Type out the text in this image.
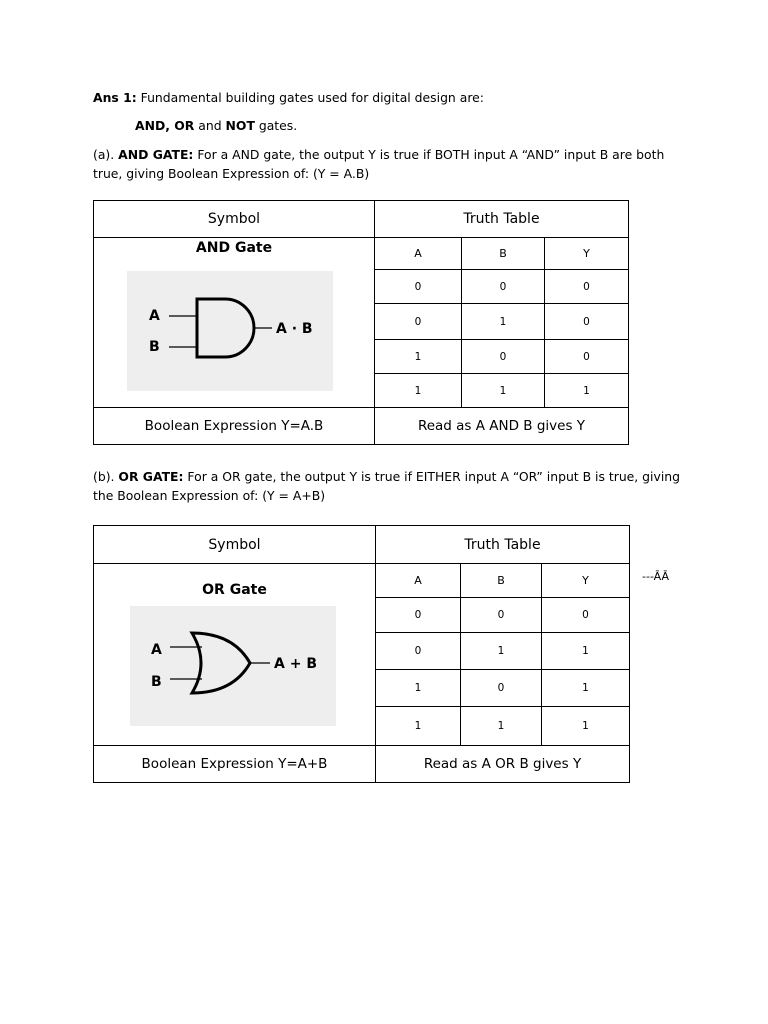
Ans 1: Fundamental building gates used for digital design are:

AND, OR and NOT gates.

(a). AND GATE: For a AND gate, the output Y is true if BOTH input A “AND” input B are both true, giving Boolean Expression of: (Y = A.B)

Symbol	Truth Table		

AND Gate
A
B
A · B	A	B	Y
	0	0	0
	0	1	0
	1	0	0
	1	1	1
Boolean Expression Y=A.B	Read as A AND B gives Y		

(b). OR GATE: For a OR gate, the output Y is true if EITHER input A “OR” input B is true, giving the Boolean Expression of: (Y = A+B)

Symbol	Truth Table		

OR Gate
A
B
A + B	A	B	Y
	0	0	0
	0	1	1
	1	0	1
	1	1	1
Boolean Expression Y=A+B	Read as A OR B gives Y		
---ĀĀ
